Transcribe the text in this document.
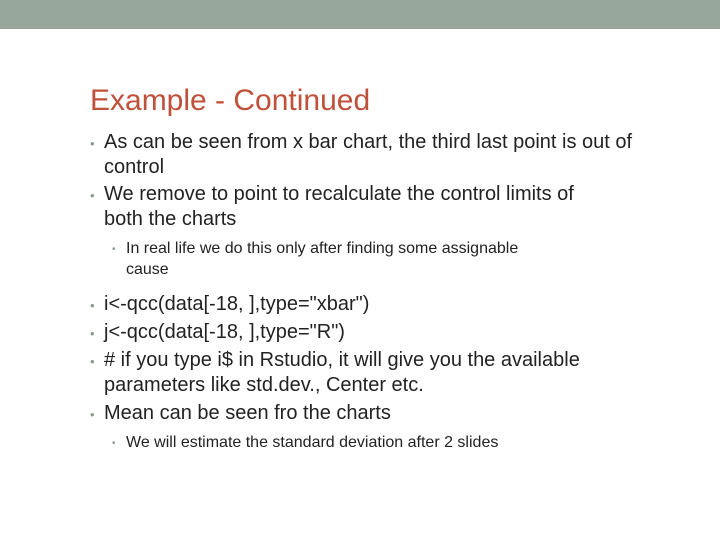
Example - Continued
• As can be seen from x bar chart, the third last point is out of control
• We remove to point to recalculate the control limits of both the charts
• In real life we do this only after finding some assignable cause
• i<-qcc(data[-18, ],type="xbar")
• j<-qcc(data[-18, ],type="R")
• # if you type i$ in Rstudio, it will give you the available parameters like std.dev., Center etc.
• Mean can be seen fro the charts
• We will estimate the standard deviation after 2 slides
